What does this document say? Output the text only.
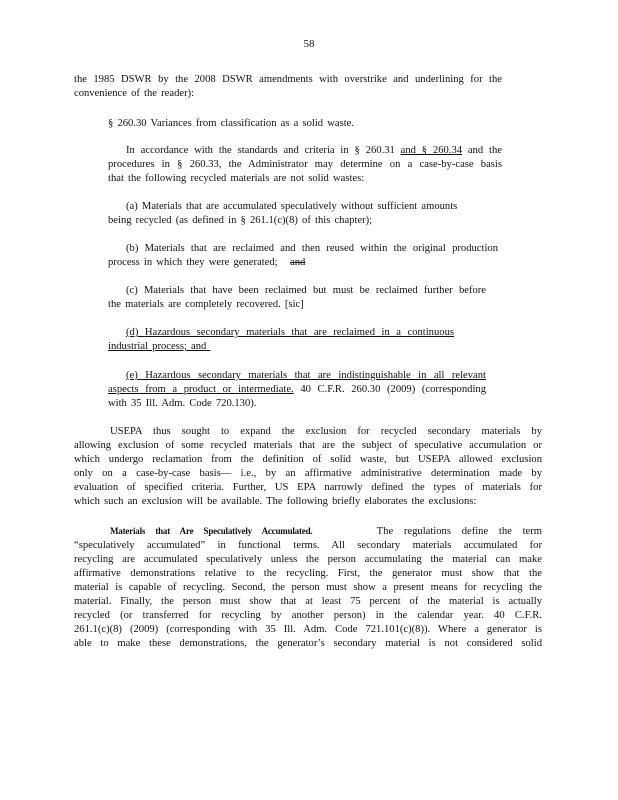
58
the 1985 DSWR by the 2008 DSWR amendments with overstrike and underlining for the
convenience of the reader):
§ 260.30 Variances from classification as a solid waste.
In accordance with the standards and criteria in § 260.31 and § 260.34 and the
procedures in § 260.33, the Administrator may determine on a case-by-case basis
that the following recycled materials are not solid wastes:
(a) Materials that are accumulated speculatively without sufficient amounts
being recycled (as defined in § 261.1(c)(8) of this chapter);
(b) Materials that are reclaimed and then reused within the original production
process in which they were generated; and
(c) Materials that have been reclaimed but must be reclaimed further before
the materials are completely recovered. [sic]
(d) Hazardous secondary materials that are reclaimed in a continuous
industrial process; and
(e) Hazardous secondary materials that are indistinguishable in all relevant
aspects from a product or intermediate. 40 C.F.R. 260.30 (2009) (corresponding
with 35 Ill. Adm. Code 720.130).
USEPA thus sought to expand the exclusion for recycled secondary materials by
allowing exclusion of some recycled materials that are the subject of speculative accumulation or
which undergo reclamation from the definition of solid waste, but USEPA allowed exclusion
only on a case-by-case basis— i.e., by an affirmative administrative determination made by
evaluation of specified criteria. Further, US EPA narrowly defined the types of materials for
which such an exclusion will be available. The following briefly elaborates the exclusions:
Materials that Are Speculatively Accumulated.	The regulations define the term
“speculatively accumulated” in functional terms. All secondary materials accumulated for
recycling are accumulated speculatively unless the person accumulating the material can make
affirmative demonstrations relative to the recycling. First, the generator must show that the
material is capable of recycling. Second, the person must show a present means for recycling the
material. Finally, the person must show that at least 75 percent of the material is actually
recycled (or transferred for recycling by another person) in the calendar year. 40 C.F.R.
261.1(c)(8) (2009) (corresponding with 35 Ill. Adm. Code 721.101(c)(8)). Where a generator is
able to make these demonstrations, the generator’s secondary material is not considered solid
